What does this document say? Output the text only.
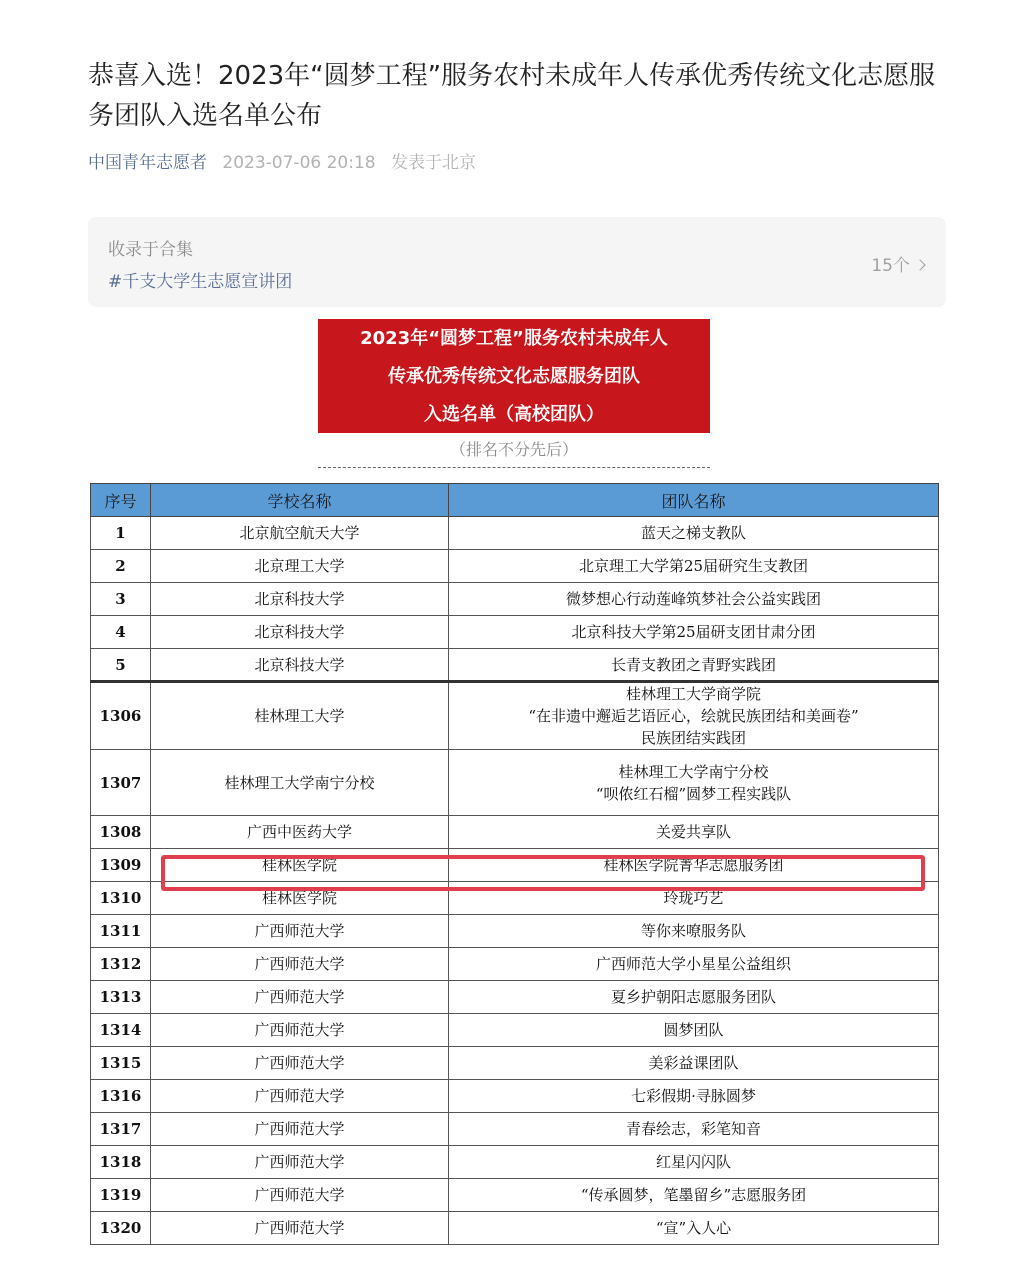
恭喜入选！2023年“圆梦工程”服务农村未成年人传承优秀传统文化志愿服务团队入选名单公布
中国青年志愿者 2023-07-06 20:18 发表于北京
收录于合集
#千支大学生志愿宣讲团
15个
2023年“圆梦工程”服务农村未成年人
传承优秀传统文化志愿服务团队
入选名单（高校团队）
（排名不分先后）
序号	学校名称	团队名称
1	北京航空航天大学	蓝天之梯支教队
2	北京理工大学	北京理工大学第25届研究生支教团
3	北京科技大学	微梦想心行动莲峰筑梦社会公益实践团
4	北京科技大学	北京科技大学第25届研支团甘肃分团
5	北京科技大学	长青支教团之青野实践团
1306	桂林理工大学	桂林理工大学商学院
“在非遗中邂逅艺语匠心，绘就民族团结和美画卷”
民族团结实践团

1307	桂林理工大学南宁分校	桂林理工大学南宁分校
“呗侬红石榴”圆梦工程实践队

1308	广西中医药大学	关爱共享队
1309	桂林医学院	桂林医学院菁华志愿服务团
1310	桂林医学院	玲珑巧艺
1311	广西师范大学	等你来嘹服务队
1312	广西师范大学	广西师范大学小星星公益组织
1313	广西师范大学	夏乡护朝阳志愿服务团队
1314	广西师范大学	圆梦团队
1315	广西师范大学	美彩益课团队
1316	广西师范大学	七彩假期·寻脉圆梦
1317	广西师范大学	青春绘志，彩笔知音
1318	广西师范大学	红星闪闪队
1319	广西师范大学	“传承圆梦，笔墨留乡”志愿服务团
1320	广西师范大学	“宣”入人心
